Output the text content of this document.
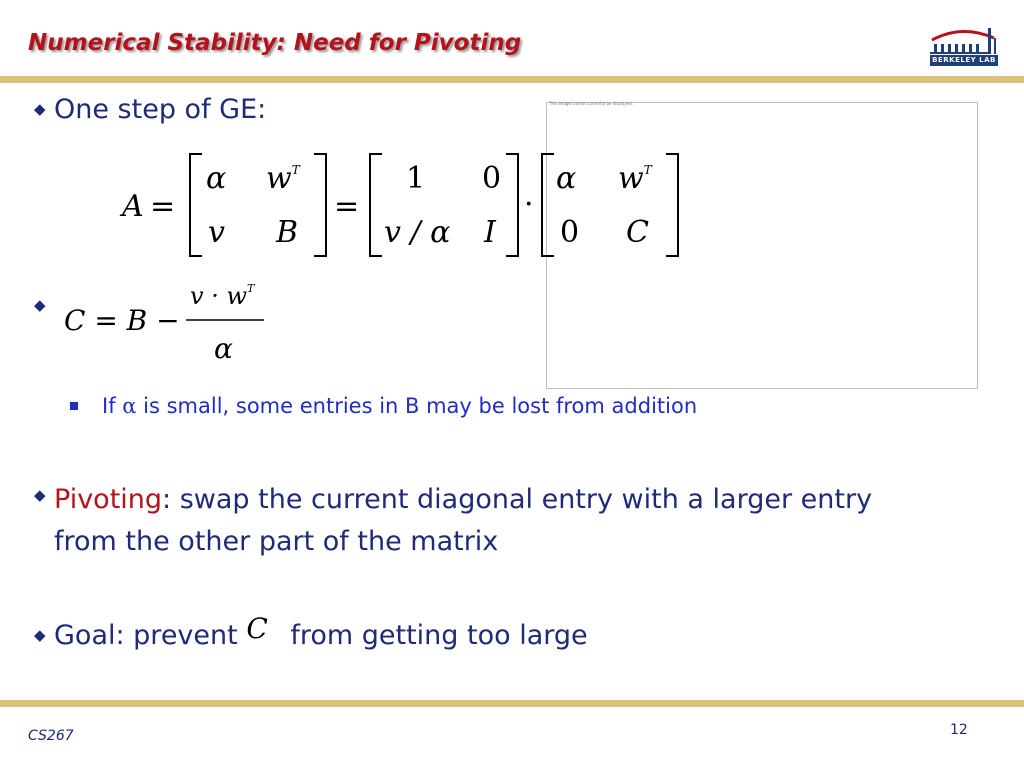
Numerical Stability: Need for Pivoting
BERKELEY LAB
◆ One step of GE:	This image cannot currently be displayed.
A =
α $w^T$
v B
=
1 0
v / α I
·
α $w^T$
0 C
◆ C = B −
$v \cdot w^T$
α
If α is small, some entries in B may be lost from addition
◆ Pivoting: swap the current diagonal entry with a larger entry from the other part of the matrix
◆ Goal: prevent C from getting too large
CS267	12
